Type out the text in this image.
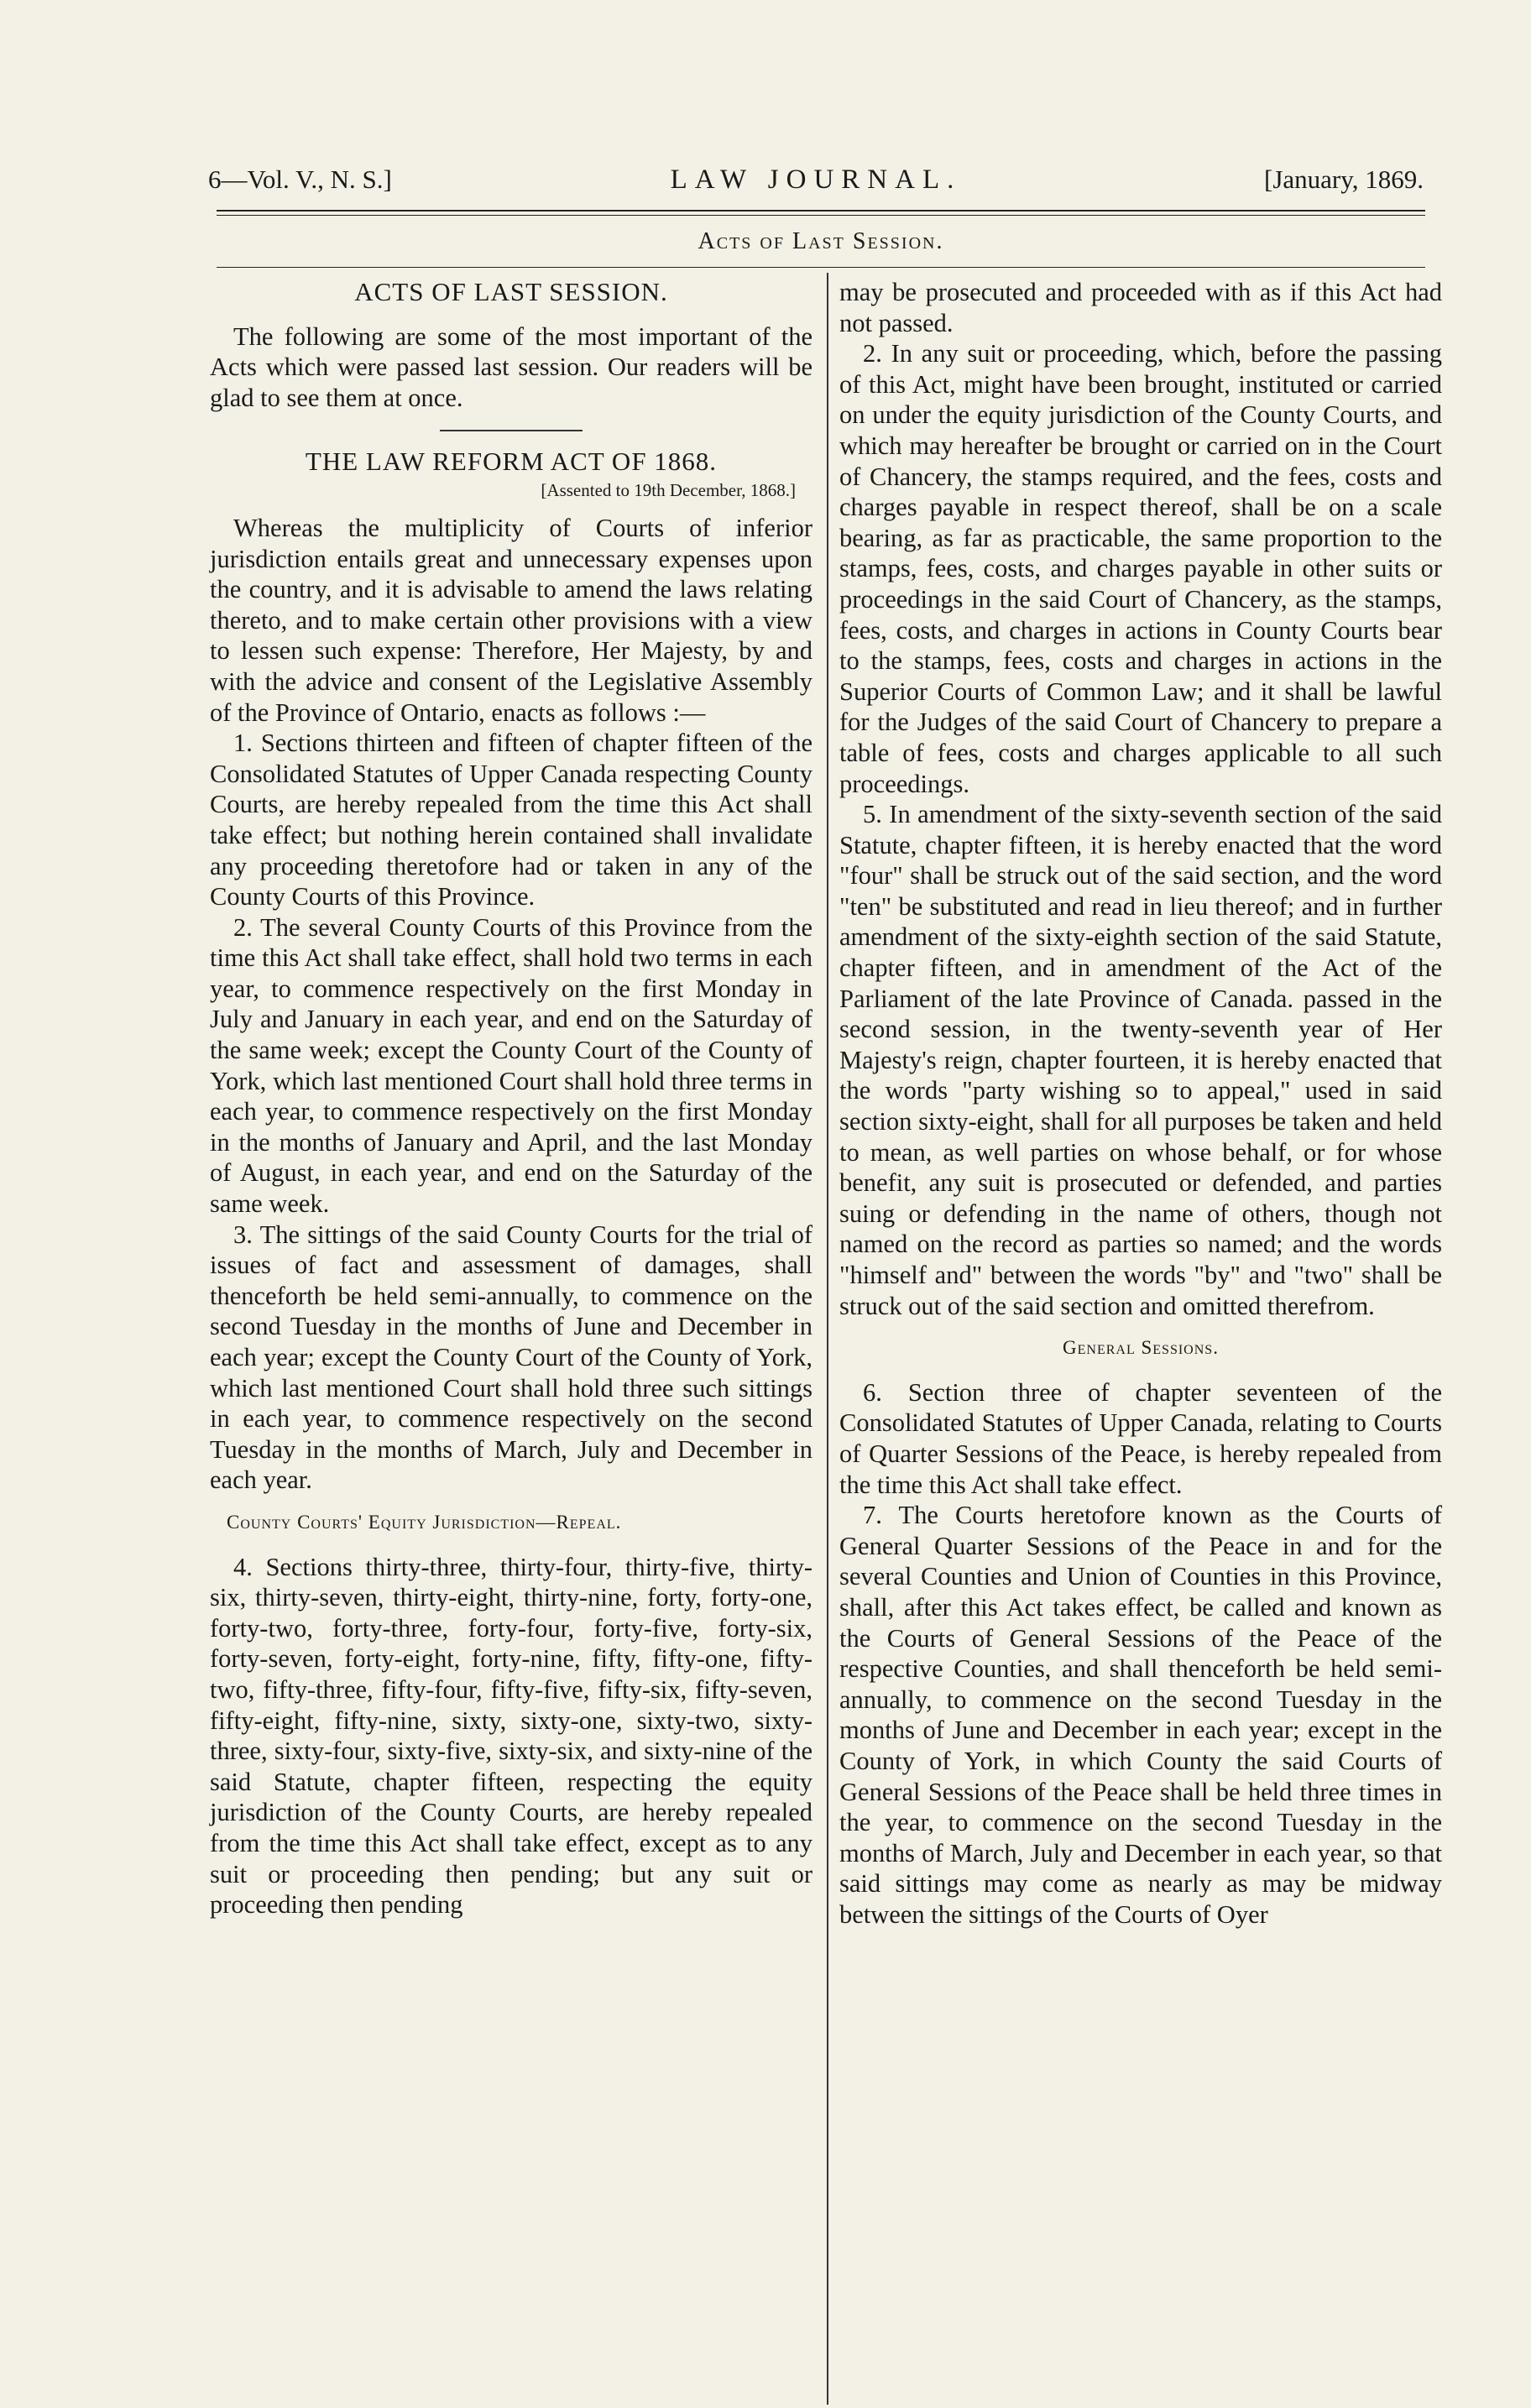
6—Vol. V., N. S.]	LAW JOURNAL.	[January, 1869.
Acts of Last Session.
ACTS OF LAST SESSION.

The following are some of the most important of the Acts which were passed last session. Our readers will be glad to see them at once.

THE LAW REFORM ACT OF 1868.
[Assented to 19th December, 1868.]

Whereas the multiplicity of Courts of inferior jurisdiction entails great and unnecessary expenses upon the country, and it is advisable to amend the laws relating thereto, and to make certain other provisions with a view to lessen such expense: Therefore, Her Majesty, by and with the advice and consent of the Legislative Assembly of the Province of Ontario, enacts as follows :—

1. Sections thirteen and fifteen of chapter fifteen of the Consolidated Statutes of Upper Canada respecting County Courts, are hereby repealed from the time this Act shall take effect; but nothing herein contained shall invalidate any proceeding theretofore had or taken in any of the County Courts of this Province.

2. The several County Courts of this Province from the time this Act shall take effect, shall hold two terms in each year, to commence respectively on the first Monday in July and January in each year, and end on the Saturday of the same week; except the County Court of the County of York, which last mentioned Court shall hold three terms in each year, to commence respectively on the first Monday in the months of January and April, and the last Monday of August, in each year, and end on the Saturday of the same week.

3. The sittings of the said County Courts for the trial of issues of fact and assessment of damages, shall thenceforth be held semi-annually, to commence on the second Tuesday in the months of June and December in each year; except the County Court of the County of York, which last mentioned Court shall hold three such sittings in each year, to commence respectively on the second Tuesday in the months of March, July and December in each year.

County Courts' Equity Jurisdiction—Repeal.

4. Sections thirty-three, thirty-four, thirty-five, thirty-six, thirty-seven, thirty-eight, thirty-nine, forty, forty-one, forty-two, forty-three, forty-four, forty-five, forty-six, forty-seven, forty-eight, forty-nine, fifty, fifty-one, fifty-two, fifty-three, fifty-four, fifty-five, fifty-six, fifty-seven, fifty-eight, fifty-nine, sixty, sixty-one, sixty-two, sixty-three, sixty-four, sixty-five, sixty-six, and sixty-nine of the said Statute, chapter fifteen, respecting the equity jurisdiction of the County Courts, are hereby repealed from the time this Act shall take effect, except as to any suit or proceeding then pending; but any suit or proceeding then pending

may be prosecuted and proceeded with as if this Act had not passed.

2. In any suit or proceeding, which, before the passing of this Act, might have been brought, instituted or carried on under the equity jurisdiction of the County Courts, and which may hereafter be brought or carried on in the Court of Chancery, the stamps required, and the fees, costs and charges payable in respect thereof, shall be on a scale bearing, as far as practicable, the same proportion to the stamps, fees, costs, and charges payable in other suits or proceedings in the said Court of Chancery, as the stamps, fees, costs, and charges in actions in County Courts bear to the stamps, fees, costs and charges in actions in the Superior Courts of Common Law; and it shall be lawful for the Judges of the said Court of Chancery to prepare a table of fees, costs and charges applicable to all such proceedings.

5. In amendment of the sixty-seventh section of the said Statute, chapter fifteen, it is hereby enacted that the word "four" shall be struck out of the said section, and the word "ten" be substituted and read in lieu thereof; and in further amendment of the sixty-eighth section of the said Statute, chapter fifteen, and in amendment of the Act of the Parliament of the late Province of Canada. passed in the second session, in the twenty-seventh year of Her Majesty's reign, chapter fourteen, it is hereby enacted that the words "party wishing so to appeal," used in said section sixty-eight, shall for all purposes be taken and held to mean, as well parties on whose behalf, or for whose benefit, any suit is prosecuted or defended, and parties suing or defending in the name of others, though not named on the record as parties so named; and the words "himself and" between the words "by" and "two" shall be struck out of the said section and omitted therefrom.

General Sessions.

6. Section three of chapter seventeen of the Consolidated Statutes of Upper Canada, relating to Courts of Quarter Sessions of the Peace, is hereby repealed from the time this Act shall take effect.

7. The Courts heretofore known as the Courts of General Quarter Sessions of the Peace in and for the several Counties and Union of Counties in this Province, shall, after this Act takes effect, be called and known as the Courts of General Sessions of the Peace of the respective Counties, and shall thenceforth be held semi-annually, to commence on the second Tuesday in the months of June and December in each year; except in the County of York, in which County the said Courts of General Sessions of the Peace shall be held three times in the year, to commence on the second Tuesday in the months of March, July and December in each year, so that said sittings may come as nearly as may be midway between the sittings of the Courts of Oyer
